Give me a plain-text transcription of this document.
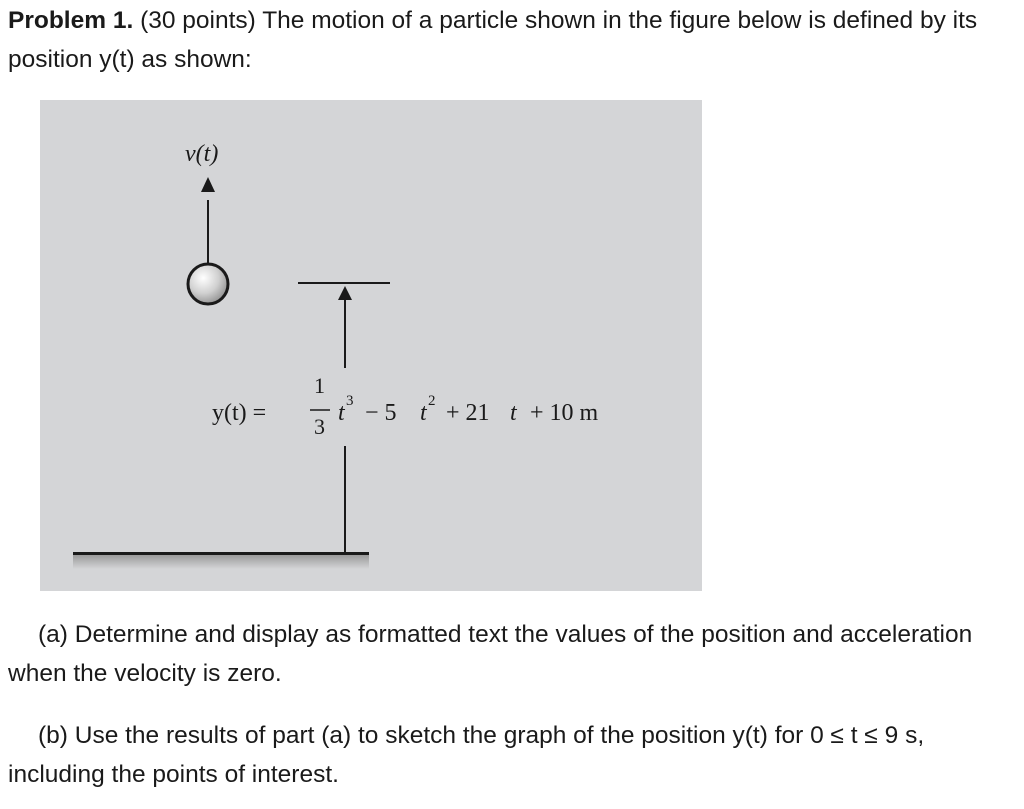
Problem 1. (30 points) The motion of a particle shown in the figure below is defined by its position y(t) as shown:

v(t)
y(t) =
1
3
t 3 − 5 t 2 + 21 t + 10 m

(a) Determine and display as formatted text the values of the position and acceleration when the velocity is zero.

(b) Use the results of part (a) to sketch the graph of the position y(t) for 0 ≤ t ≤ 9 s, including the points of interest.
